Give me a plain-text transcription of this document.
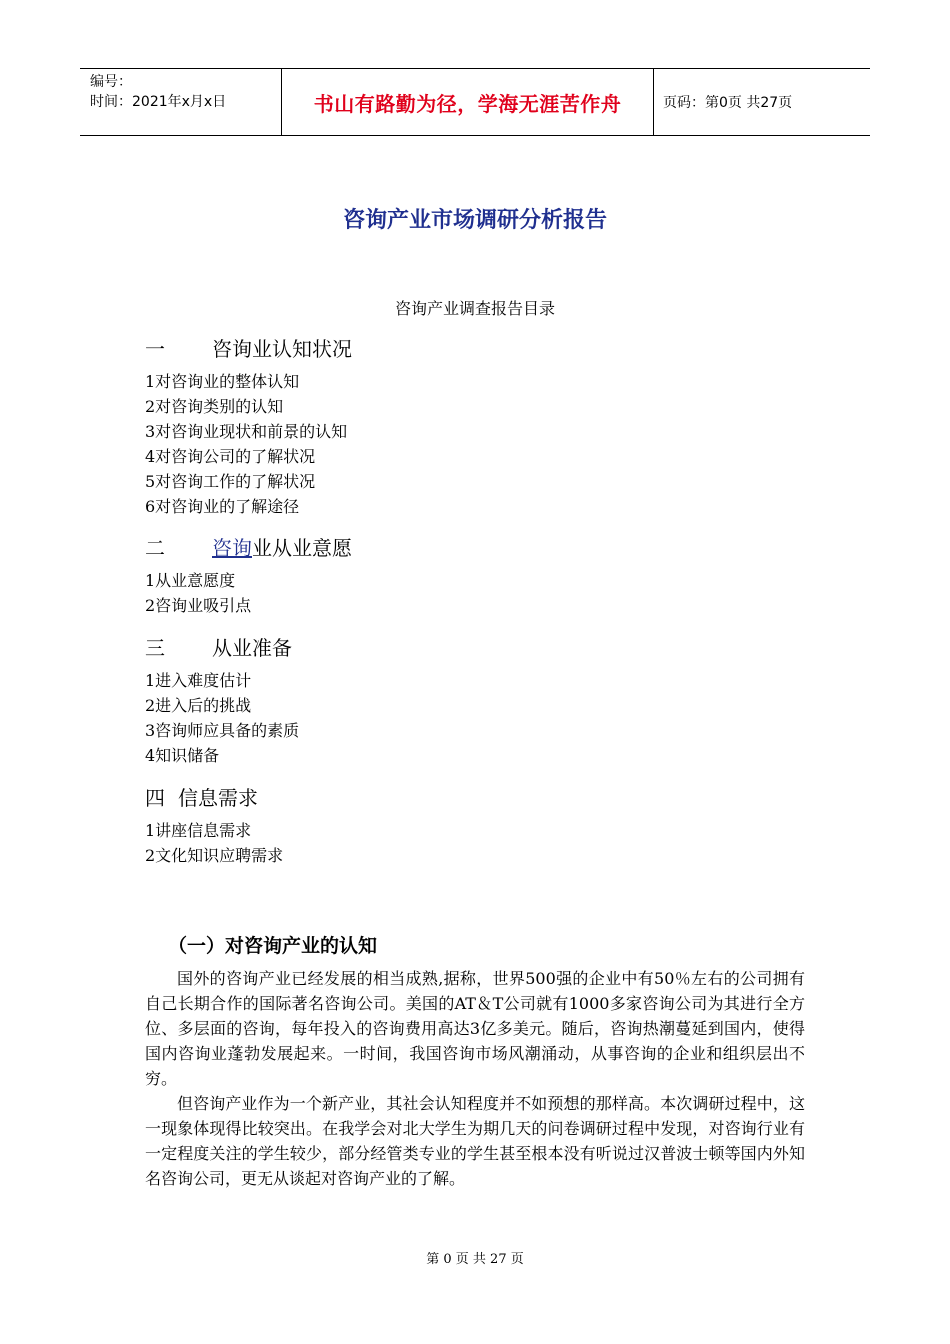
编号：
时间：2021年x月x日	书山有路勤为径，学海无涯苦作舟	页码：第0页 共27页
咨询产业市场调研分析报告
咨询产业调查报告目录
一 咨询业认知状况
1对咨询业的整体认知
2对咨询类别的认知
3对咨询业现状和前景的认知
4对咨询公司的了解状况
5对咨询工作的了解状况
6对咨询业的了解途径
二 咨询业从业意愿
1从业意愿度
2咨询业吸引点
三 从业准备
1进入难度估计
2进入后的挑战
3咨询师应具备的素质
4知识储备
四 信息需求
1讲座信息需求
2文化知识应聘需求
（一）对咨询产业的认知
国外的咨询产业已经发展的相当成熟,据称，世界500强的企业中有50％左右的公司拥有自己长期合作的国际著名咨询公司。美国的AT＆T公司就有1000多家咨询公司为其进行全方位、多层面的咨询，每年投入的咨询费用高达3亿多美元。随后，咨询热潮蔓延到国内，使得国内咨询业蓬勃发展起来。一时间，我国咨询市场风潮涌动，从事咨询的企业和组织层出不穷。
但咨询产业作为一个新产业，其社会认知程度并不如预想的那样高。本次调研过程中，这一现象体现得比较突出。在我学会对北大学生为期几天的问卷调研过程中发现，对咨询行业有一定程度关注的学生较少，部分经管类专业的学生甚至根本没有听说过汉普波士顿等国内外知名咨询公司，更无从谈起对咨询产业的了解。
第 0 页 共 27 页
